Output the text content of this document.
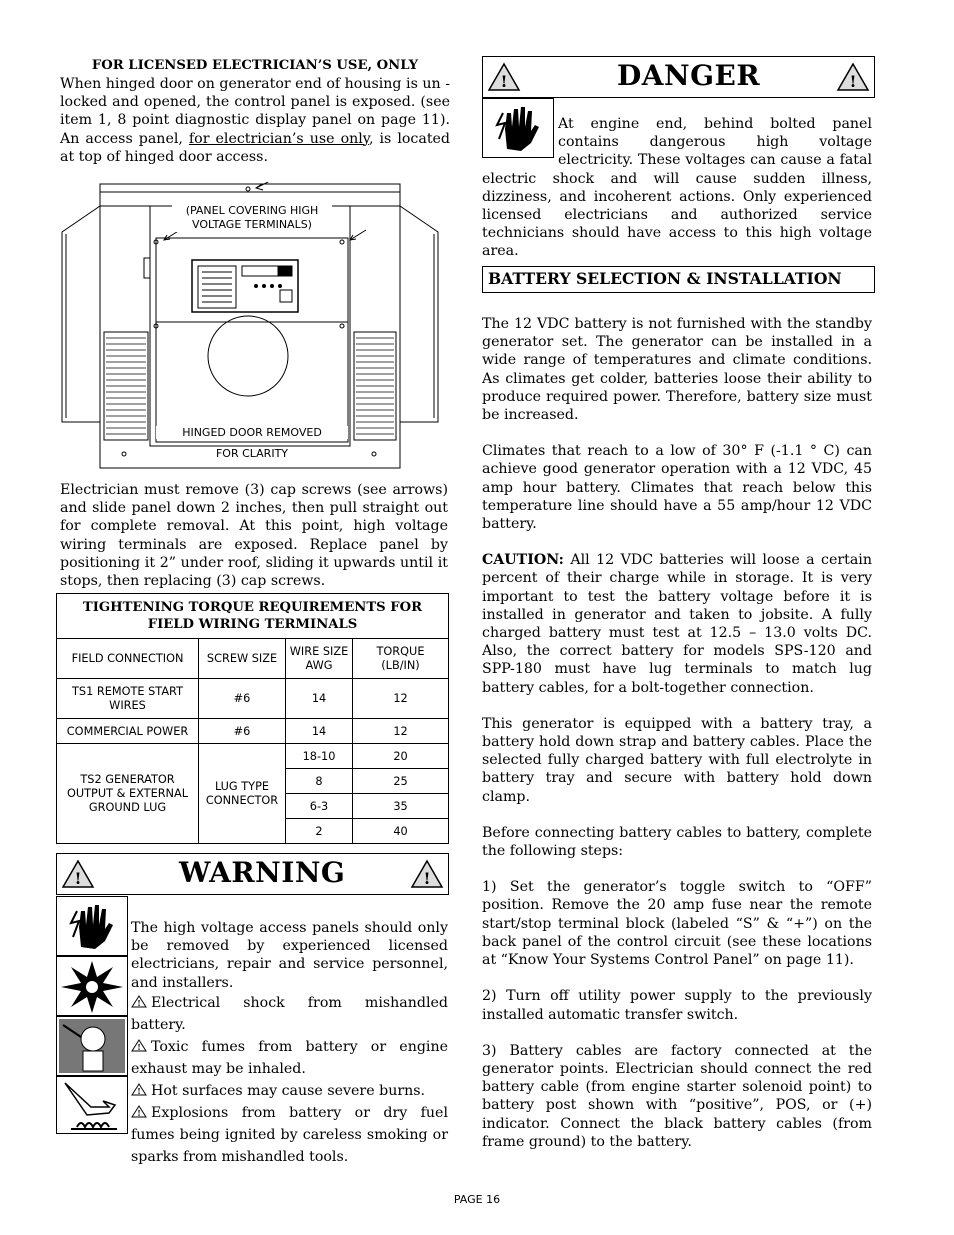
FOR LICENSED ELECTRICIAN’S USE, ONLY

When hinged door on generator end of housing is un -locked and opened, the control panel is exposed. (see item 1, 8 point diagnostic display panel on page 11). An access panel, for electrician’s use only, is located at top of hinged door access.

(PANEL COVERING HIGH VOLTAGE TERMINALS)
HINGED DOOR REMOVED
FOR CLARITY

Electrician must remove (3) cap screws (see arrows) and slide panel down 2 inches, then pull straight out for complete removal. At this point, high voltage wiring terminals are exposed. Replace panel by positioning it 2” under roof, sliding it upwards until it stops, then replacing (3) cap screws.

TIGHTENING TORQUE REQUIREMENTS FOR FIELD WIRING TERMINALS			
FIELD CONNECTION	SCREW SIZE	WIRE SIZE AWG	TORQUE (LB/IN)
TS1 REMOTE START WIRES	#6	14	12
COMMERCIAL POWER	#6	14	12
TS2 GENERATOR OUTPUT & EXTERNAL GROUND LUG	LUG TYPE CONNECTOR	18-10	20
		8	25
		6-3	35
		2	40
!	WARNING	!

The high voltage access panels should only be removed by experienced licensed electricians, repair and service personnel, and installers.

! Electrical shock from mishandled battery.

! Toxic fumes from battery or engine exhaust may be inhaled.

! Hot surfaces may cause severe burns.

! Explosions from battery or dry fuel fumes being ignited by careless smoking or sparks from mishandled tools.

!	DANGER	!

At engine end, behind bolted panel contains dangerous high voltage electricity. These voltages can cause a fatal electric shock and will cause sudden illness, dizziness, and incoherent actions. Only experienced licensed electricians and authorized service technicians should have access to this high voltage area.

BATTERY SELECTION & INSTALLATION

The 12 VDC battery is not furnished with the standby generator set. The generator can be installed in a wide range of temperatures and climate conditions. As climates get colder, batteries loose their ability to produce required power. Therefore, battery size must be increased.

Climates that reach to a low of 30° F (-1.1 ° C) can achieve good generator operation with a 12 VDC, 45 amp hour battery. Climates that reach below this temperature line should have a 55 amp/hour 12 VDC battery.

CAUTION: All 12 VDC batteries will loose a certain percent of their charge while in storage. It is very important to test the battery voltage before it is installed in generator and taken to jobsite. A fully charged battery must test at 12.5 – 13.0 volts DC. Also, the correct battery for models SPS-120 and SPP-180 must have lug terminals to match lug battery cables, for a bolt-together connection.

This generator is equipped with a battery tray, a battery hold down strap and battery cables. Place the selected fully charged battery with full electrolyte in battery tray and secure with battery hold down clamp.

Before connecting battery cables to battery, complete the following steps:

1) Set the generator’s toggle switch to “OFF” position. Remove the 20 amp fuse near the remote start/stop terminal block (labeled “S” & “+”) on the back panel of the control circuit (see these locations at “Know Your Systems Control Panel” on page 11).

2) Turn off utility power supply to the previously installed automatic transfer switch.

3) Battery cables are factory connected at the generator points. Electrician should connect the red battery cable (from engine starter solenoid point) to battery post shown with “positive”, POS, or (+) indicator. Connect the black battery cables (from frame ground) to the battery.

PAGE 16
